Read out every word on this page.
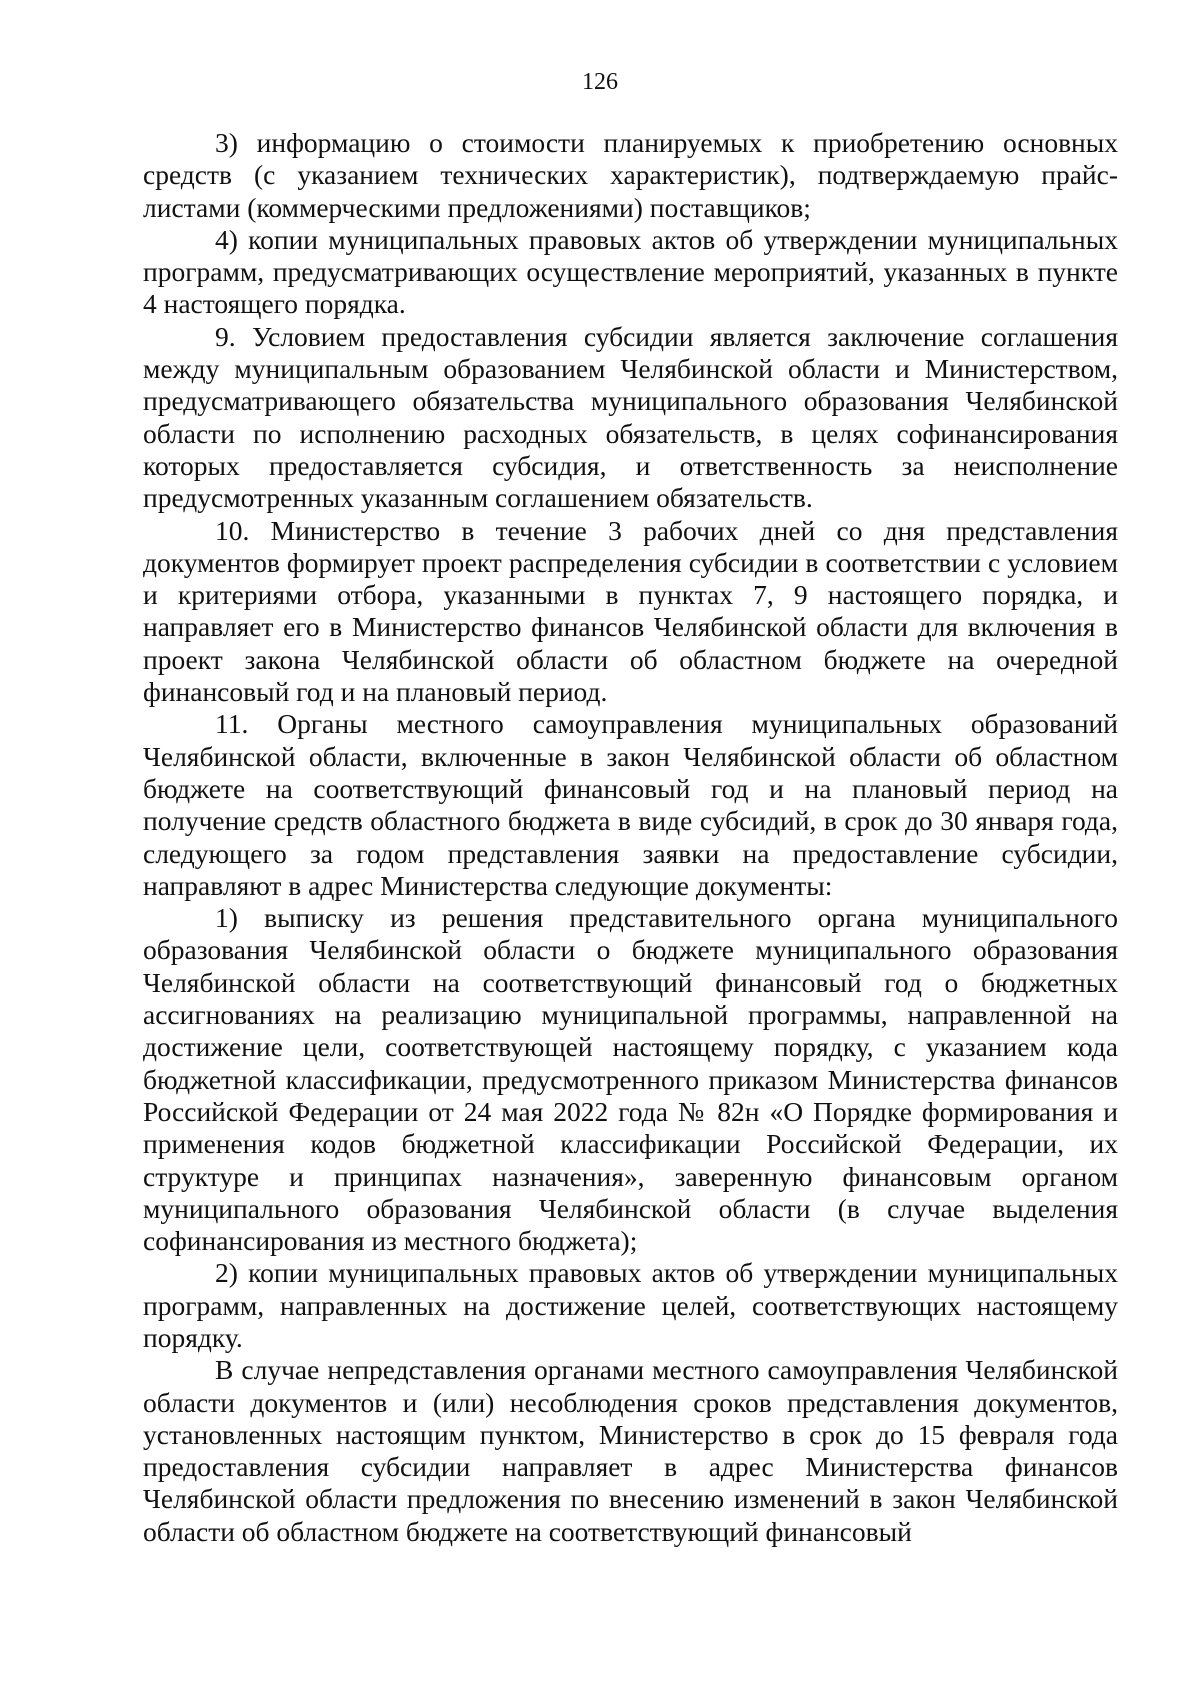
126

3) информацию о стоимости планируемых к приобретению основных средств (с указанием технических характеристик), подтверждаемую прайс-листами (коммерческими предложениями) поставщиков;

4) копии муниципальных правовых актов об утверждении муниципальных программ, предусматривающих осуществление мероприятий, указанных в пункте 4 настоящего порядка.

9. Условием предоставления субсидии является заключение соглашения между муниципальным образованием Челябинской области и Министерством, предусматривающего обязательства муниципального образования Челябинской области по исполнению расходных обязательств, в целях софинансирования которых предоставляется субсидия, и ответственность за неисполнение предусмотренных указанным соглашением обязательств.

10. Министерство в течение 3 рабочих дней со дня представления документов формирует проект распределения субсидии в соответствии с условием и критериями отбора, указанными в пунктах 7, 9 настоящего порядка, и направляет его в Министерство финансов Челябинской области для включения в проект закона Челябинской области об областном бюджете на очередной финансовый год и на плановый период.

11. Органы местного самоуправления муниципальных образований Челябинской области, включенные в закон Челябинской области об областном бюджете на соответствующий финансовый год и на плановый период на получение средств областного бюджета в виде субсидий, в срок до 30 января года, следующего за годом представления заявки на предоставление субсидии, направляют в адрес Министерства следующие документы:

1) выписку из решения представительного органа муниципального образования Челябинской области о бюджете муниципального образования Челябинской области на соответствующий финансовый год о бюджетных ассигнованиях на реализацию муниципальной программы, направленной на достижение цели, соответствующей настоящему порядку, с указанием кода бюджетной классификации, предусмотренного приказом Министерства финансов Российской Федерации от 24 мая 2022 года № 82н «О Порядке формирования и применения кодов бюджетной классификации Российской Федерации, их структуре и принципах назначения», заверенную финансовым органом муниципального образования Челябинской области (в случае выделения софинансирования из местного бюджета);

2) копии муниципальных правовых актов об утверждении муниципальных программ, направленных на достижение целей, соответствующих настоящему порядку.

В случае непредставления органами местного самоуправления Челябинской области документов и (или) несоблюдения сроков представления документов, установленных настоящим пунктом, Министерство в срок до 15 февраля года предоставления субсидии направляет в адрес Министерства финансов Челябинской области предложения по внесению изменений в закон Челябинской области об областном бюджете на соответствующий финансовый
